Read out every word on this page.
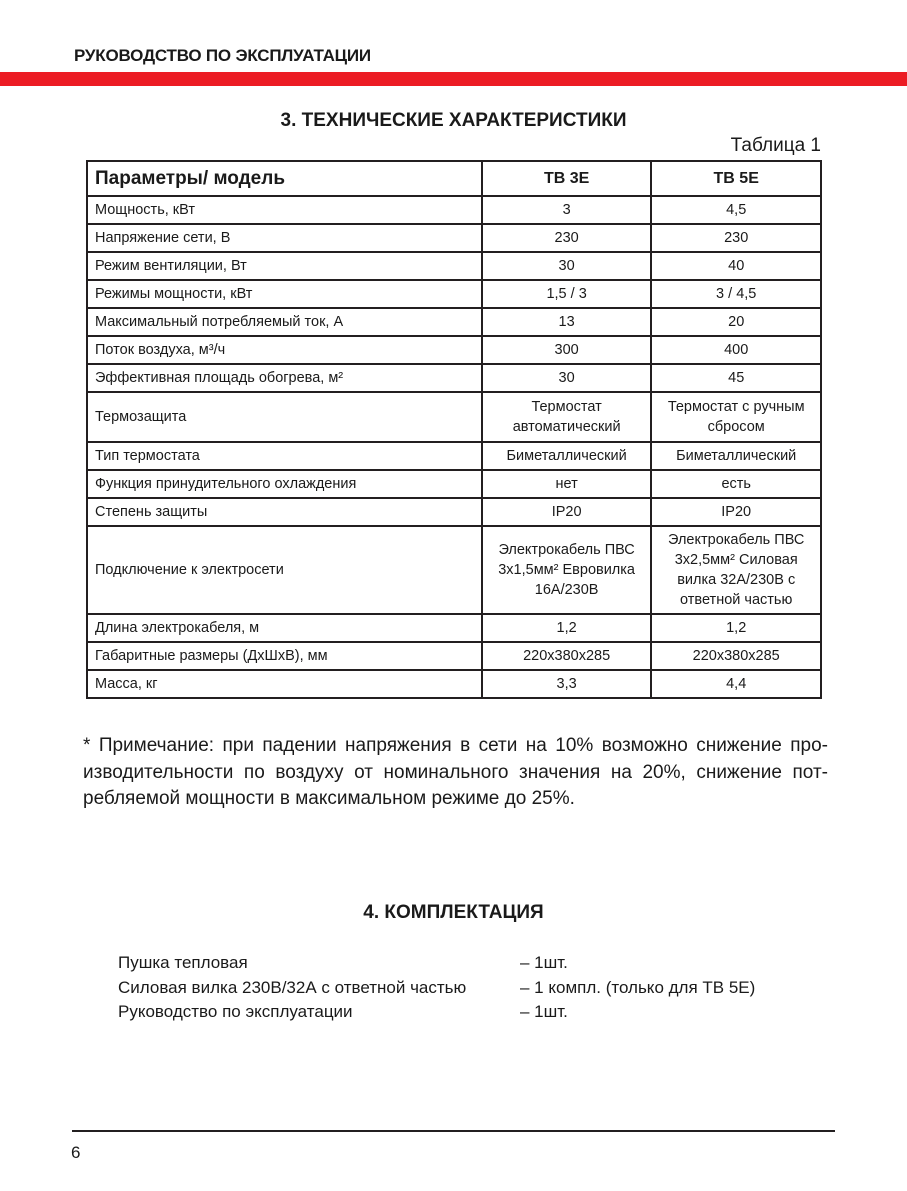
РУКОВОДСТВО ПО ЭКСПЛУАТАЦИИ
3. ТЕХНИЧЕСКИЕ ХАРАКТЕРИСТИКИ
Таблица 1
Параметры/ модель	ТВ 3Е	ТВ 5Е
Мощность, кВт	3	4,5
Напряжение сети, В	230	230
Режим вентиляции, Вт	30	40
Режимы мощности, кВт	1,5 / 3	3 / 4,5
Максимальный потребляемый ток, А	13	20
Поток воздуха, м³/ч	300	400
Эффективная площадь обогрева, м²	30	45
Термозащита	Термостат автоматический	Термостат с ручным сбросом
Тип термостата	Биметаллический	Биметаллический
Функция принудительного охлаждения	нет	есть
Степень защиты	IP20	IP20
Подключение к электросети	Электрокабель ПВС 3х1,5мм² Евровилка 16А/230В	Электрокабель ПВС 3х2,5мм² Силовая вилка 32А/230В с ответной частью
Длина электрокабеля, м	1,2	1,2
Габаритные размеры (ДхШхВ), мм	220х380х285	220х380х285
Масса, кг	3,3	4,4
* Примечание: при падении напряжения в сети на 10% возможно снижение про-изводительности по воздуху от номинального значения на 20%, снижение пот-ребляемой мощности в максимальном режиме до 25%.
4. КОМПЛЕКТАЦИЯ
Пушка тепловая	– 1шт.
Силовая вилка 230В/32А с ответной частью	– 1 компл. (только для ТВ 5Е)
Руководство по эксплуатации	– 1шт.
6
